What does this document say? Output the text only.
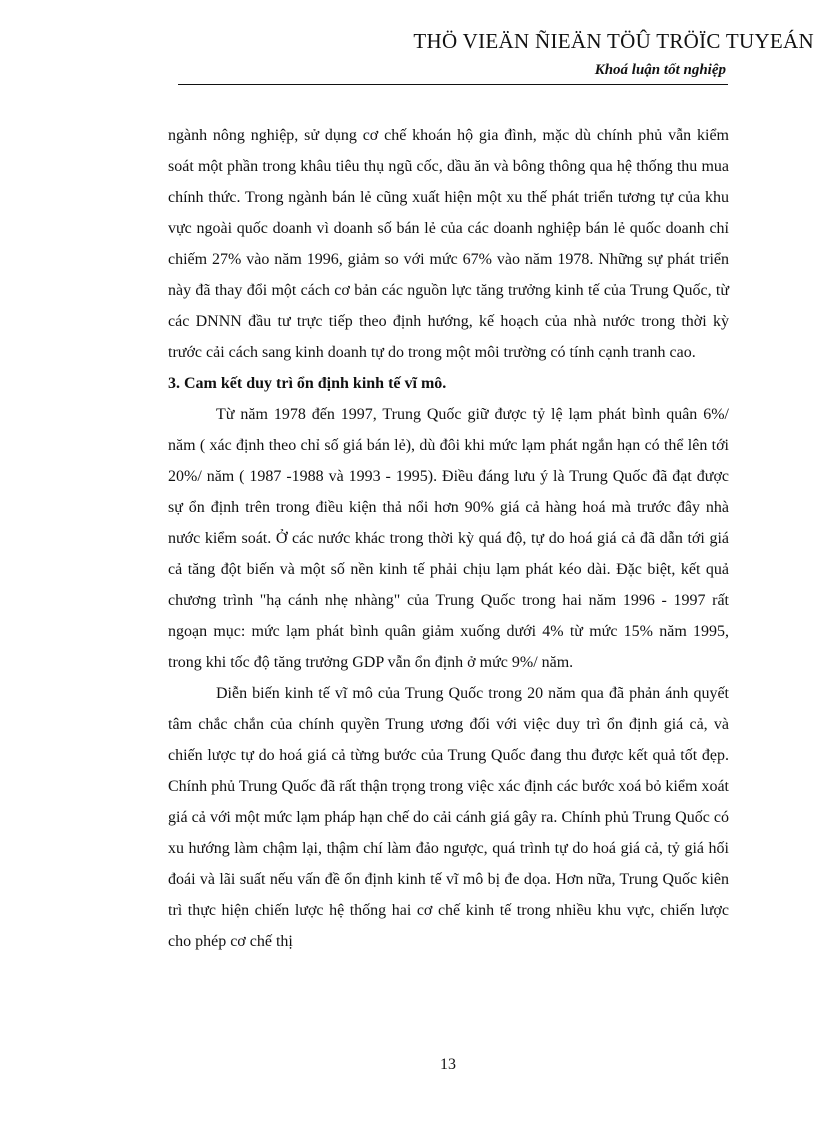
THÖ VIEÄN ÑIEÄN TÖÛ TRÖÏC TUYEÁN
Khoá luận tốt nghiệp

ngành nông nghiệp, sử dụng cơ chế khoán hộ gia đình, mặc dù chính phủ vẫn kiểm soát một phần trong khâu tiêu thụ ngũ cốc, dầu ăn và bông thông qua hệ thống thu mua chính thức. Trong ngành bán lẻ cũng xuất hiện một xu thế phát triển tương tự của khu vực ngoài quốc doanh vì doanh số bán lẻ của các doanh nghiệp bán lẻ quốc doanh chỉ chiếm 27% vào năm 1996, giảm so với mức 67% vào năm 1978. Những sự phát triển này đã thay đổi một cách cơ bản các nguồn lực tăng trưởng kinh tế của Trung Quốc, từ các DNNN đầu tư trực tiếp theo định hướng, kế hoạch của nhà nước trong thời kỳ trước cải cách sang kinh doanh tự do trong một môi trường có tính cạnh tranh cao.

3. Cam kết duy trì ổn định kinh tế vĩ mô.

Từ năm 1978 đến 1997, Trung Quốc giữ được tỷ lệ lạm phát bình quân 6%/ năm ( xác định theo chỉ số giá bán lẻ), dù đôi khi mức lạm phát ngắn hạn có thể lên tới 20%/ năm ( 1987 -1988 và 1993 - 1995). Điều đáng lưu ý là Trung Quốc đã đạt được sự ổn định trên trong điều kiện thả nổi hơn 90% giá cả hàng hoá mà trước đây nhà nước kiểm soát. Ở các nước khác trong thời kỳ quá độ, tự do hoá giá cả đã dẫn tới giá cả tăng đột biến và một số nền kinh tế phải chịu lạm phát kéo dài. Đặc biệt, kết quả chương trình "hạ cánh nhẹ nhàng" của Trung Quốc trong hai năm 1996 - 1997 rất ngoạn mục: mức lạm phát bình quân giảm xuống dưới 4% từ mức 15% năm 1995, trong khi tốc độ tăng trưởng GDP vẫn ổn định ở mức 9%/ năm.

Diễn biến kinh tế vĩ mô của Trung Quốc trong 20 năm qua đã phản ánh quyết tâm chắc chắn của chính quyền Trung ương đối với việc duy trì ổn định giá cả, và chiến lược tự do hoá giá cả từng bước của Trung Quốc đang thu được kết quả tốt đẹp. Chính phủ Trung Quốc đã rất thận trọng trong việc xác định các bước xoá bỏ kiểm xoát giá cả với một mức lạm pháp hạn chế do cải cánh giá gây ra. Chính phủ Trung Quốc có xu hướng làm chậm lại, thậm chí làm đảo ngược, quá trình tự do hoá giá cả, tỷ giá hối đoái và lãi suất nếu vấn đề ổn định kinh tế vĩ mô bị đe dọa. Hơn nữa, Trung Quốc kiên trì thực hiện chiến lược hệ thống hai cơ chế kinh tế trong nhiều khu vực, chiến lược cho phép cơ chế thị

13
